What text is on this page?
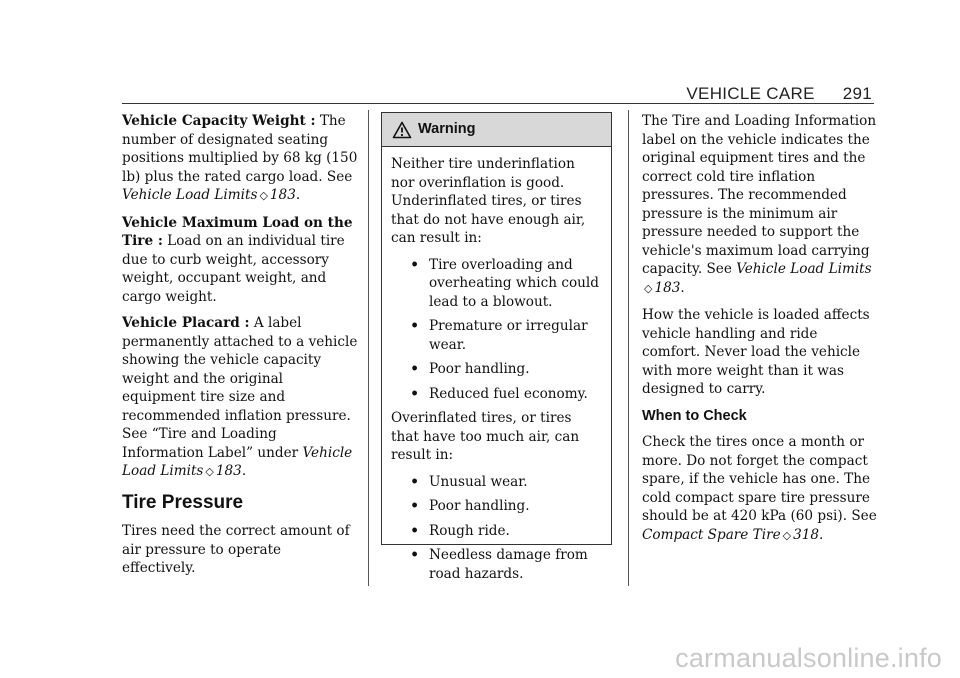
VEHICLE CARE 291

Vehicle Capacity Weight : The number of designated seating positions multiplied by 68 kg (150 lb) plus the rated cargo load. See Vehicle Load Limits ◇ 183.

Vehicle Maximum Load on the Tire : Load on an individual tire due to curb weight, accessory weight, occupant weight, and cargo weight.

Vehicle Placard : A label permanently attached to a vehicle showing the vehicle capacity weight and the original equipment tire size and recommended inflation pressure. See “Tire and Loading Information Label” under Vehicle Load Limits ◇ 183.

Tire Pressure

Tires need the correct amount of air pressure to operate effectively.

Warning

Neither tire underinflation nor overinflation is good. Underinflated tires, or tires that do not have enough air, can result in:

• Tire overloading and overheating which could lead to a blowout.
• Premature or irregular wear.
• Poor handling.
• Reduced fuel economy.

Overinflated tires, or tires that have too much air, can result in:

• Unusual wear.
• Poor handling.
• Rough ride.
• Needless damage from road hazards.

The Tire and Loading Information label on the vehicle indicates the original equipment tires and the correct cold tire inflation pressures. The recommended pressure is the minimum air pressure needed to support the vehicle's maximum load carrying capacity. See Vehicle Load Limits ◇ 183.

How the vehicle is loaded affects vehicle handling and ride comfort. Never load the vehicle with more weight than it was designed to carry.

When to Check

Check the tires once a month or more. Do not forget the compact spare, if the vehicle has one. The cold compact spare tire pressure should be at 420 kPa (60 psi). See Compact Spare Tire ◇ 318.

carmanualsonline.info
